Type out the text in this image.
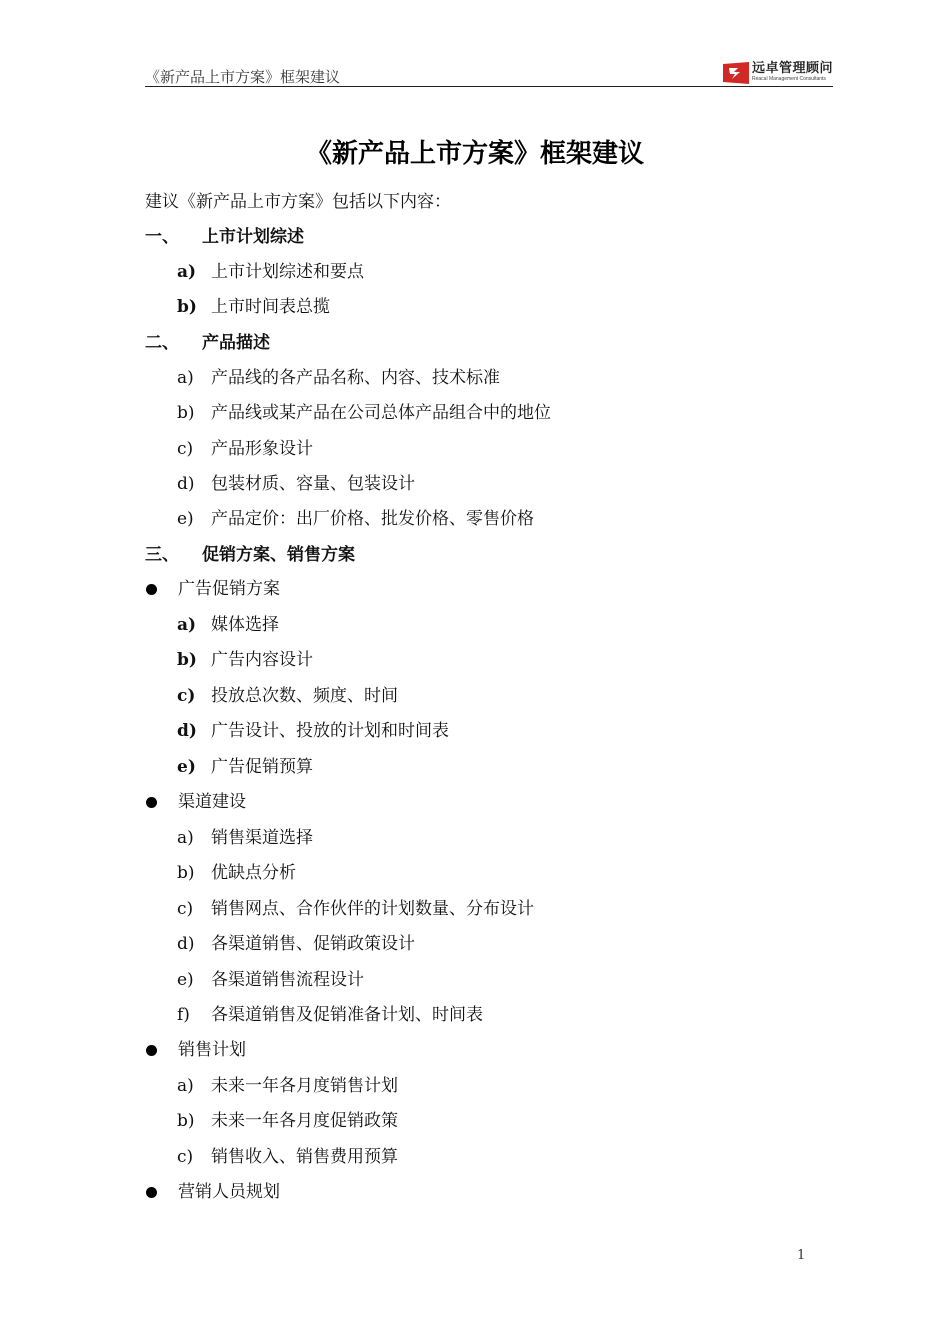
《新产品上市方案》框架建议	远卓管理顾问
Reacal Management Consultants
《新产品上市方案》框架建议
建议《新产品上市方案》包括以下内容：
一、 上市计划综述
a) 上市计划综述和要点
b) 上市时间表总揽
二、 产品描述
a) 产品线的各产品名称、内容、技术标准
b) 产品线或某产品在公司总体产品组合中的地位
c) 产品形象设计
d) 包装材质、容量、包装设计
e) 产品定价：出厂价格、批发价格、零售价格
三、 促销方案、销售方案
广告促销方案
a) 媒体选择
b) 广告内容设计
c) 投放总次数、频度、时间
d) 广告设计、投放的计划和时间表
e) 广告促销预算
渠道建设
a) 销售渠道选择
b) 优缺点分析
c) 销售网点、合作伙伴的计划数量、分布设计
d) 各渠道销售、促销政策设计
e) 各渠道销售流程设计
f) 各渠道销售及促销准备计划、时间表
销售计划
a) 未来一年各月度销售计划
b) 未来一年各月度促销政策
c) 销售收入、销售费用预算
营销人员规划
1
